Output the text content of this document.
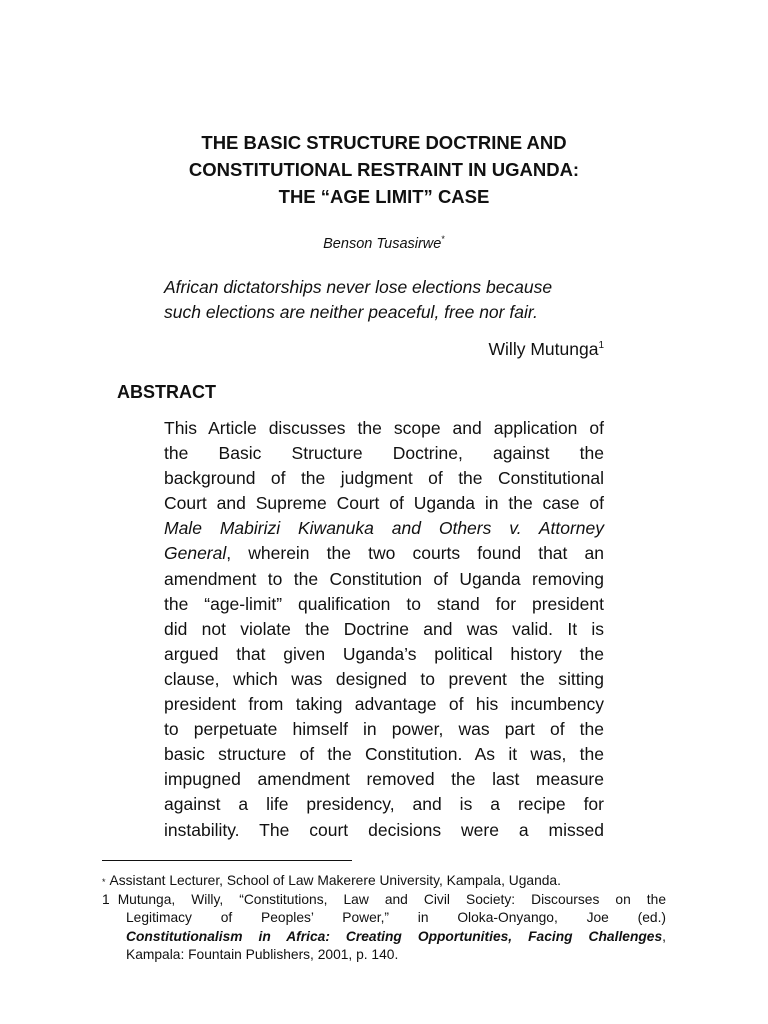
THE BASIC STRUCTURE DOCTRINE AND
CONSTITUTIONAL RESTRAINT IN UGANDA:
THE “AGE LIMIT” CASE
Benson Tusasirwe*
African dictatorships never lose elections because
such elections are neither peaceful, free nor fair.
Willy Mutunga$^1$
ABSTRACT
This Article discusses the scope and application of
the Basic Structure Doctrine, against the
background of the judgment of the Constitutional
Court and Supreme Court of Uganda in the case of
Male Mabirizi Kiwanuka and Others v. Attorney
General, wherein the two courts found that an
amendment to the Constitution of Uganda removing
the “age-limit” qualification to stand for president
did not violate the Doctrine and was valid. It is
argued that given Uganda’s political history the
clause, which was designed to prevent the sitting
president from taking advantage of his incumbency
to perpetuate himself in power, was part of the
basic structure of the Constitution. As it was, the
impugned amendment removed the last measure
against a life presidency, and is a recipe for
instability. The court decisions were a missed
* Assistant Lecturer, School of Law Makerere University, Kampala, Uganda.
1 Mutunga, Willy, “Constitutions, Law and Civil Society: Discourses on the
Legitimacy of Peoples’ Power,” in Oloka-Onyango, Joe (ed.)
Constitutionalism in Africa: Creating Opportunities, Facing Challenges,
Kampala: Fountain Publishers, 2001, p. 140.
